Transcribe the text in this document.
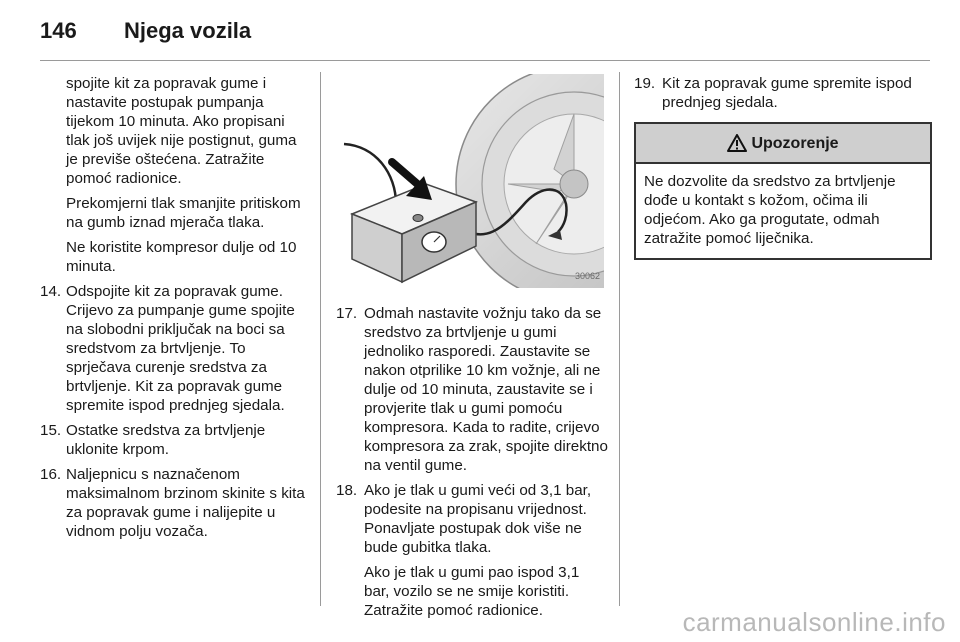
146 Njega vozila

spojite kit za popravak gume i nastavite postupak pumpanja tijekom 10 minuta. Ako propisani tlak još uvijek nije postignut, guma je previše oštećena. Zatražite pomoć radionice.

Prekomjerni tlak smanjite pritiskom na gumb iznad mjerača tlaka.

Ne koristite kompresor dulje od 10 minuta.

14. Odspojite kit za popravak gume. Crijevo za pumpanje gume spojite na slobodni priključak na boci sa sredstvom za brtvljenje. To sprječava curenje sredstva za brtvljenje. Kit za popravak gume spremite ispod prednjeg sjedala.
15. Ostatke sredstva za brtvljenje uklonite krpom.
16. Naljepnicu s naznačenom maksimalnom brzinom skinite s kita za popravak gume i nalijepite u vidnom polju vozača.
30062
17. Odmah nastavite vožnju tako da se sredstvo za brtvljenje u gumi jednoliko rasporedi. Zaustavite se nakon otprilike 10 km vožnje, ali ne dulje od 10 minuta, zaustavite se i provjerite tlak u gumi pomoću kompresora. Kada to radite, crijevo kompresora za zrak, spojite direktno na ventil gume.
18. Ako je tlak u gumi veći od 3,1 bar, podesite na propisanu vrijednost. Ponavljate postupak dok više ne bude gubitka tlaka.

Ako je tlak u gumi pao ispod 3,1 bar, vozilo se ne smije koristiti. Zatražite pomoć radionice.

19. Kit za popravak gume spremite ispod prednjeg sjedala.
Upozorenje
Ne dozvolite da sredstvo za brtvljenje dođe u kontakt s kožom, očima ili odjećom. Ako ga progutate, odmah zatražite pomoć liječnika.
carmanualsonline.info
